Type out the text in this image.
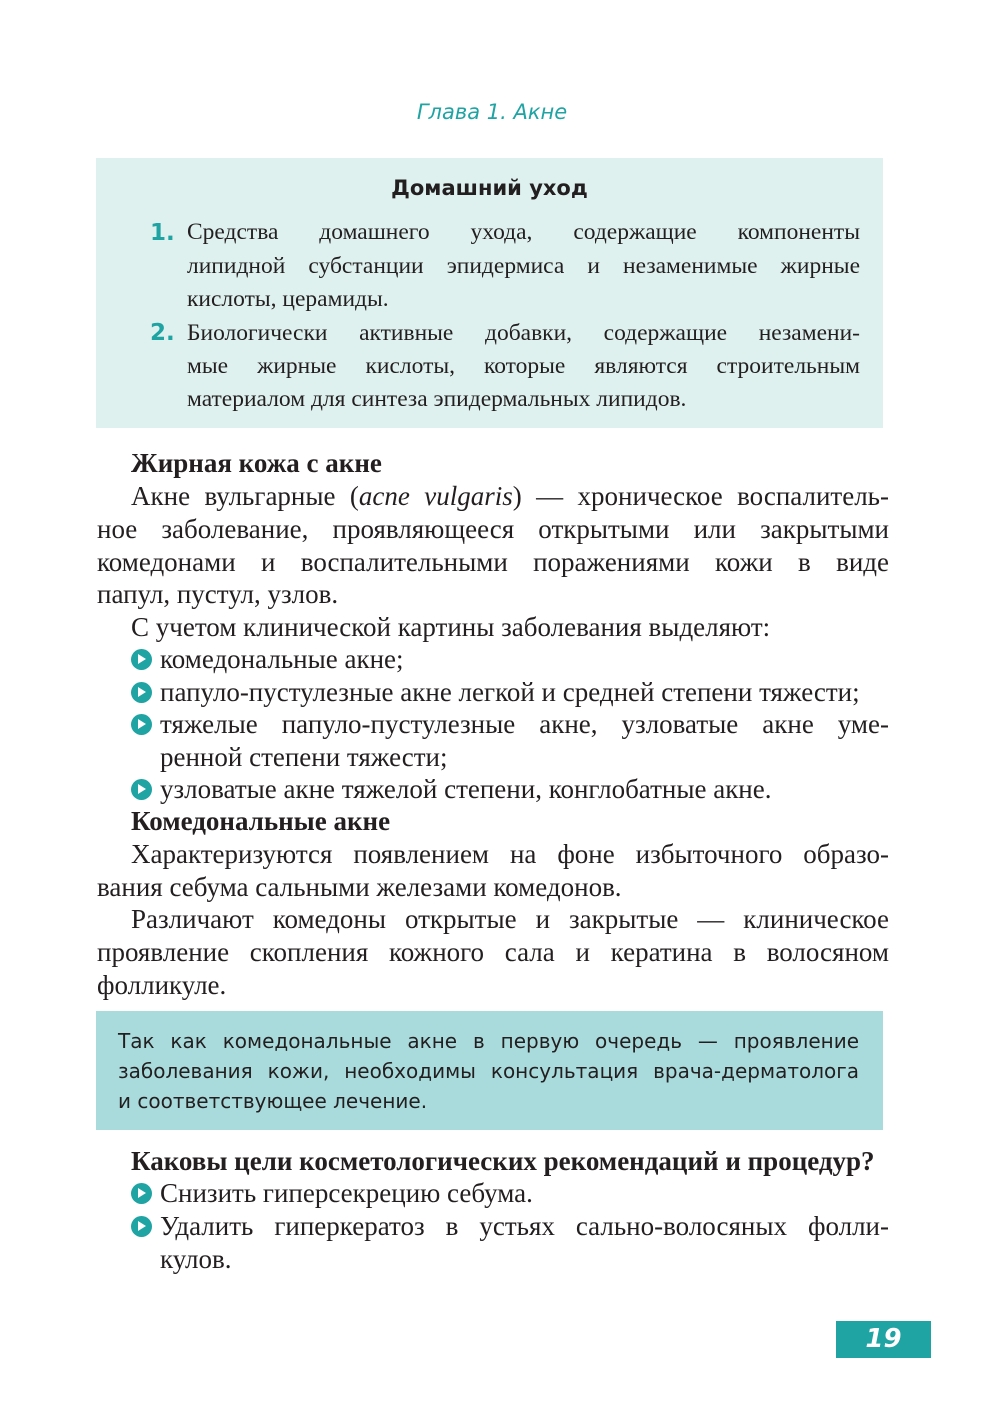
Глава 1. Акне
Домашний уход
1. Средства домашнего ухода, содержащие компоненты
липидной субстанции эпидермиса и незаменимые жирные
кислоты, церамиды.
2. Биологически активные добавки, содержащие незамени-
мые жирные кислоты, которые являются строительным
материалом для синтеза эпидермальных липидов.
Жирная кожа с акне
Акне вульгарные (acne vulgaris) — хроническое воспалитель-
ное заболевание, проявляющееся открытыми или закрытыми
комедонами и воспалительными поражениями кожи в виде
папул, пустул, узлов.
С учетом клинической картины заболевания выделяют:
комедональные акне;
папуло-пустулезные акне легкой и средней степени тяжести;
тяжелые папуло-пустулезные акне, узловатые акне уме-
ренной степени тяжести;
узловатые акне тяжелой степени, конглобатные акне.
Комедональные акне
Характеризуются появлением на фоне избыточного образо-
вания себума сальными железами комедонов.
Различают комедоны открытые и закрытые — клиническое
проявление скопления кожного сала и кератина в волосяном
фолликуле.
Так как комедональные акне в первую очередь — проявление
заболевания кожи, необходимы консультация врача-дерматолога
и соответствующее лечение.
Каковы цели косметологических рекомендаций и процедур?
Снизить гиперсекрецию себума.
Удалить гиперкератоз в устьях сально-волосяных фолли-
кулов.
19
